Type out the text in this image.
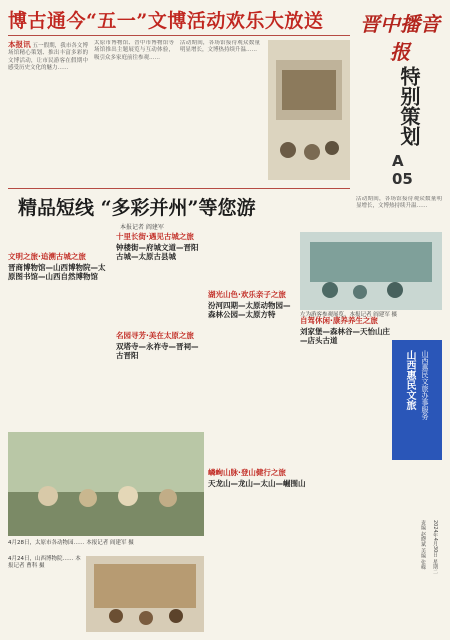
博古通今“五一”文博活动欢乐大放送	晋中播音报
本报讯 五一假期，我市各文博场馆精心策划、推出丰富多彩的文博活动，让市民游客在假期中感受历史文化的魅力……
太原市博物馆、晋中市博物馆等场馆推出主题展览与互动体验，吸引众多家庭前往参观……
活动期间，各场馆接待观众数量明显增长，文博热持续升温……
特别策划
A
05
活动期间，各场馆接待观众数量明显增长，文博热持续升温……
精品短线 “多彩并州”等您游
本报记者 阎建军
文明之旅·追溯古城之旅
晋商博物馆—山西博物院—太原图书馆—山西自然博物馆
十里长街·遇见古城之旅
钟楼街—府城文道—晋阳古城—太原古县城
名园寻芳·美在太原之旅
双塔寺—永祚寺—晋祠—古晋阳
湖光山色·欢乐亲子之旅
汾河四期—太原动物园—森林公园—太原方特
自驾休闲·康养养生之旅
刘家堡—森林谷—天怡山庄—店头古道
嶙峋山脉·登山健行之旅
天龙山—龙山—太山—崛围山
左为游客参观展览。本报记者 阎建军 摄
山西惠民文旅 山西惠民文旅办事服务
4月28日，太原市各动物园…… 本报记者 阎建军 摄
4月24日，山西博物院…… 本报记者 曹科 摄	2024年4月30日 星期二
责编 赵晓斌 美编 张嵘
